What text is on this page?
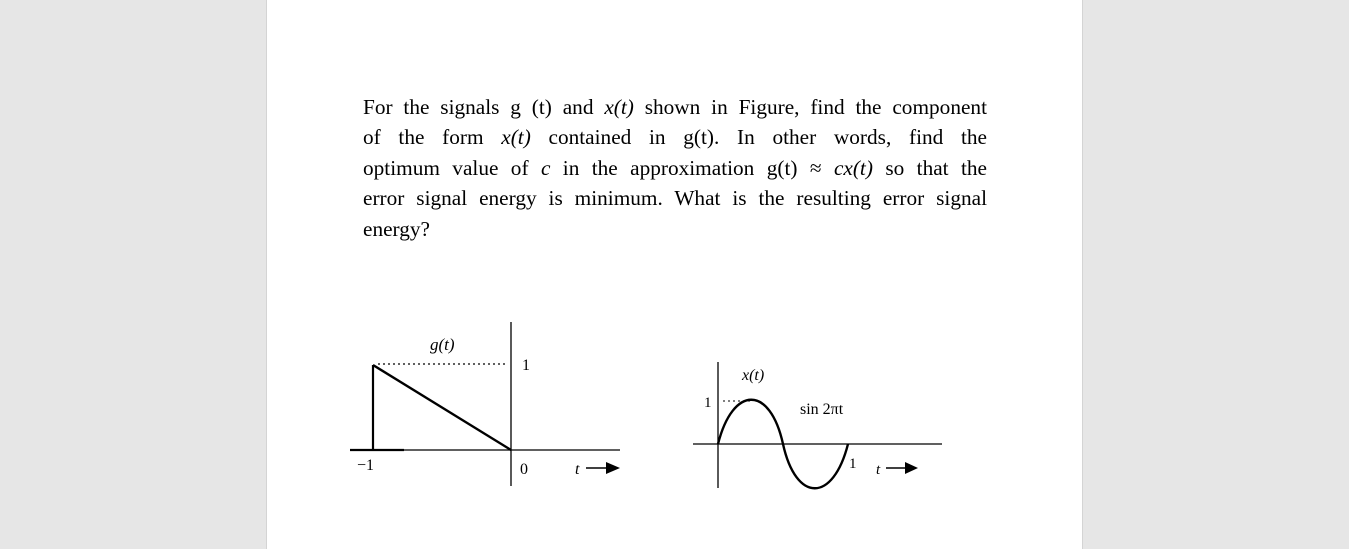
For the signals g (t) and x(t) shown in Figure, find the component
of the form x(t) contained in g(t). In other words, find the
optimum value of c in the approximation g(t) ≈ cx(t) so that the
error signal energy is minimum. What is the resulting error signal
energy?

g(t)
1
−1	0	t
x(t)
1	sin 2πt
1 t
